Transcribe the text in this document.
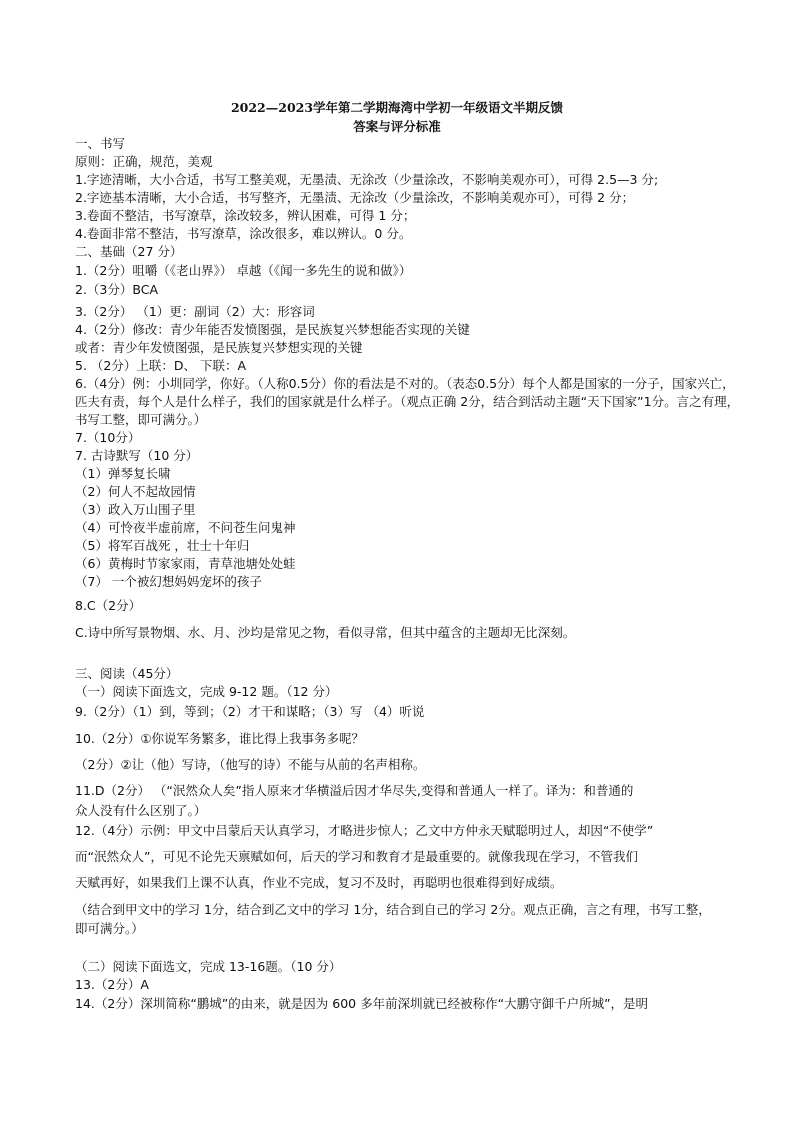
2022—2023学年第二学期海湾中学初一年级语文半期反馈
答案与评分标准
一、书写
原则：正确，规范，美观
1.字迹清晰，大小合适，书写工整美观，无墨渍、无涂改（少量涂改，不影响美观亦可），可得 2.5—3 分;
2.字迹基本清晰，大小合适，书写整齐，无墨渍、无涂改（少量涂改，不影响美观亦可），可得 2 分；
3.卷面不整洁，书写潦草，涂改较多，辨认困难，可得 1 分；
4.卷面非常不整洁，书写潦草，涂改很多，难以辨认。0 分。
二、基础（27 分）
1.（2分）咀嚼（《老山界》） 卓越（《闻一多先生的说和做》）
2.（3分）BCA
3.（2分） （1）更：副词（2）大：形容词
4.（2分）修改：青少年能否发愤图强，是民族复兴梦想能否实现的关键
或者：青少年发愤图强，是民族复兴梦想实现的关键
5. （2分）上联：D、 下联：A
6.（4分）例：小圳同学，你好。（人称0.5分）你的看法是不对的。（表态0.5分）每个人都是国家的一分子，国家兴亡，
匹夫有责，每个人是什么样子，我们的国家就是什么样子。（观点正确 2分，结合到活动主题“天下国家”1分。言之有理，
书写工整，即可满分。）
7.（10分）
7. 古诗默写（10 分）
（1）弹琴复长啸
（2）何人不起故园情
（3）政入万山围子里
（4）可怜夜半虚前席，不问苍生问鬼神
（5）将军百战死 ，壮士十年归
（6）黄梅时节家家雨，青草池塘处处蛙
（7） 一个被幻想妈妈宠坏的孩子
8.C（2分）
C.诗中所写景物烟、水、月、沙均是常见之物，看似寻常，但其中蕴含的主题却无比深刻。
三、阅读（45分）
（一）阅读下面选文，完成 9-12 题。（12 分）
9.（2分）（1）到，等到；（2）才干和谋略；（3）写 （4）听说
10.（2分）①你说军务繁多，谁比得上我事务多呢？
（2分）②让（他）写诗，（他写的诗）不能与从前的名声相称。
11.D（2分） （“泯然众人矣”指人原来才华横溢后因才华尽失,变得和普通人一样了。译为：和普通的
众人没有什么区别了。）
12.（4分）示例：甲文中吕蒙后天认真学习，才略进步惊人；乙文中方仲永天赋聪明过人，却因“不使学”
而“泯然众人”，可见不论先天禀赋如何，后天的学习和教育才是最重要的。就像我现在学习，不管我们
天赋再好，如果我们上课不认真，作业不完成，复习不及时，再聪明也很难得到好成绩。
（结合到甲文中的学习 1分，结合到乙文中的学习 1分，结合到自己的学习 2分。观点正确，言之有理，书写工整，
即可满分。）
（二）阅读下面选文，完成 13-16题。（10 分）
13.（2分）A
14.（2分）深圳简称“鹏城”的由来，就是因为 600 多年前深圳就已经被称作“大鹏守御千户所城”，是明
